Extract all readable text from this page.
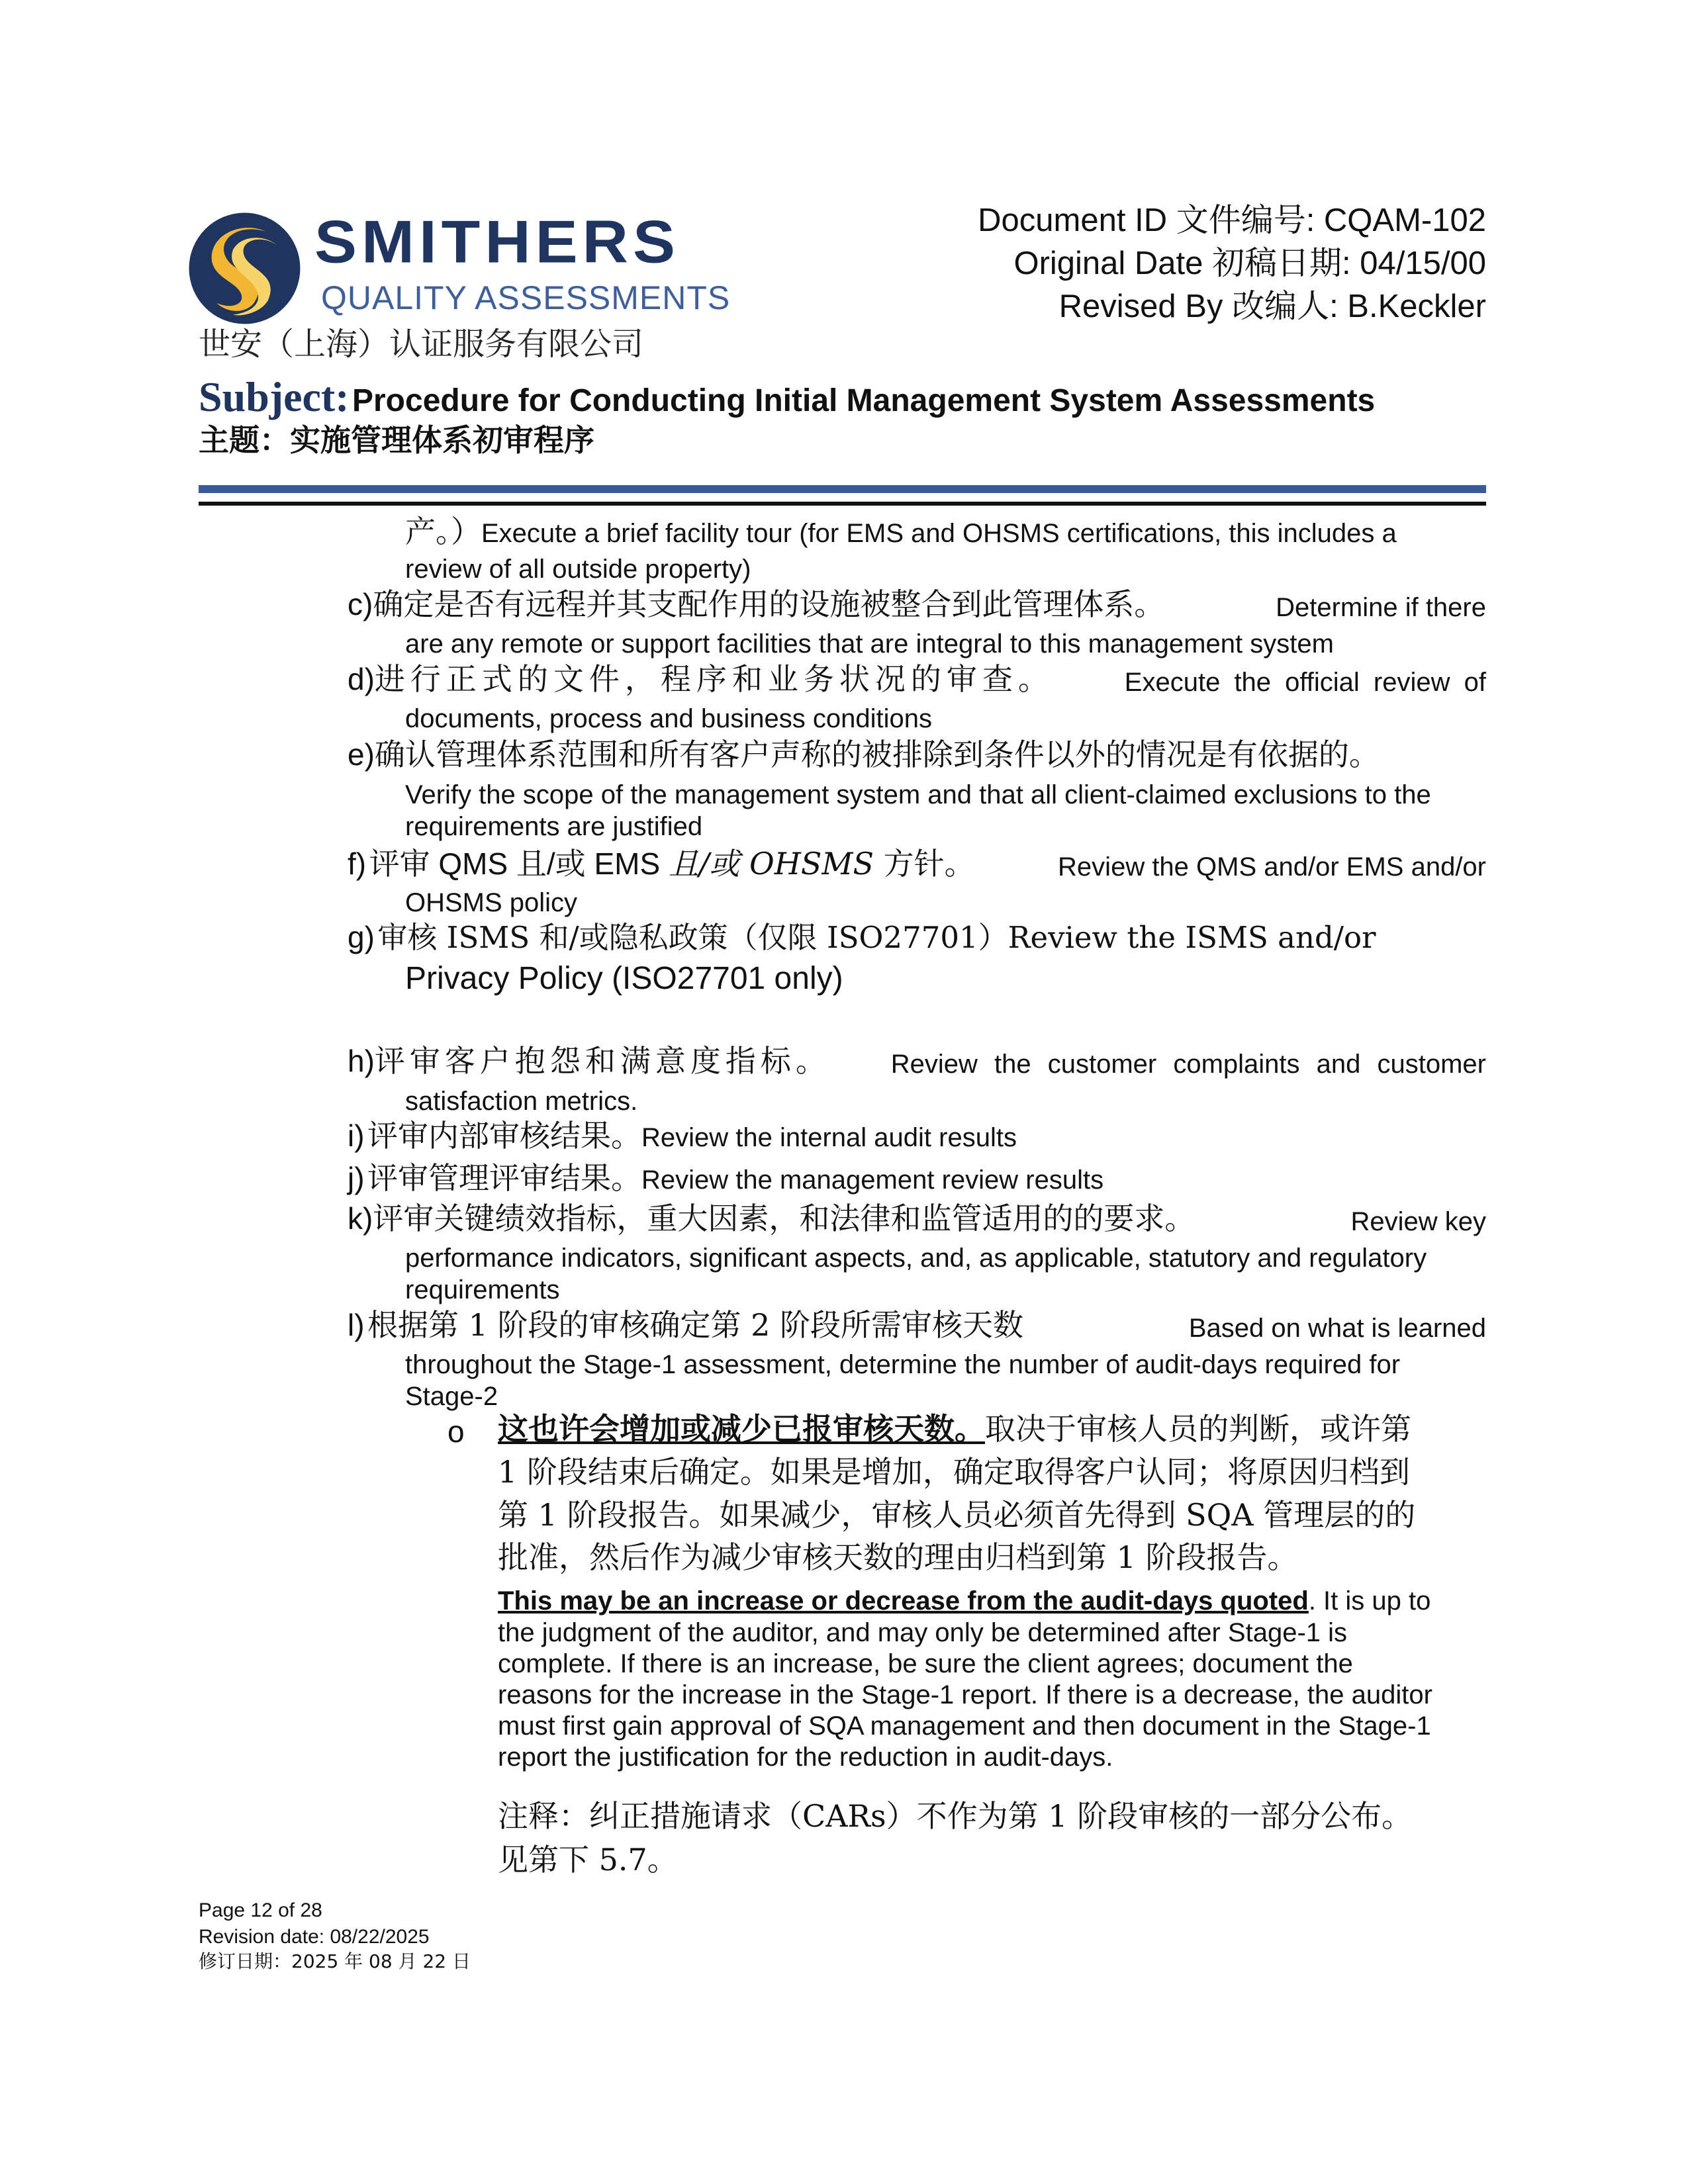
SMITHERS
QUALITY ASSESSMENTS
世安（上海）认证服务有限公司
Document ID 文件编号: CQAM-102
Original Date 初稿日期: 04/15/00
Revised By 改编人: B.Keckler
Subject: Procedure for Conducting Initial Management System Assessments
主题：实施管理体系初审程序
产。）Execute a brief facility tour (for EMS and OHSMS certifications, this includes a
review of all outside property)
c)确定是否有远程并其支配作用的设施被整合到此管理体系。	Determine if there
are any remote or support facilities that are integral to this management system
d)进行正式的文件，程序和业务状况的审查。	Execute the official review of
documents, process and business conditions
e)确认管理体系范围和所有客户声称的被排除到条件以外的情况是有依据的。
Verify the scope of the management system and that all client-claimed exclusions to the
requirements are justified
f) 评审 QMS 且/或 EMS 且/或 OHSMS 方针。	Review the QMS and/or EMS and/or
OHSMS policy
g) 审核 ISMS 和/或隐私政策（仅限 ISO27701）Review the ISMS and/or
Privacy Policy (ISO27701 only)
h)评审客户抱怨和满意度指标。 Review the customer complaints and customer
satisfaction metrics.
i) 评审内部审核结果。Review the internal audit results
j) 评审管理评审结果。Review the management review results
k)评审关键绩效指标，重大因素，和法律和监管适用的的要求。	Review key
performance indicators, significant aspects, and, as applicable, statutory and regulatory
requirements
l) 根据第 1 阶段的审核确定第 2 阶段所需审核天数	Based on what is learned
throughout the Stage-1 assessment, determine the number of audit-days required for
Stage-2
o 这也许会增加或减少已报审核天数。取决于审核人员的判断，或许第
1 阶段结束后确定。如果是增加，确定取得客户认同；将原因归档到
第 1 阶段报告。如果减少，审核人员必须首先得到 SQA 管理层的的
批准，然后作为减少审核天数的理由归档到第 1 阶段报告。
This may be an increase or decrease from the audit-days quoted. It is up to
the judgment of the auditor, and may only be determined after Stage-1 is
complete. If there is an increase, be sure the client agrees; document the
reasons for the increase in the Stage-1 report. If there is a decrease, the auditor
must first gain approval of SQA management and then document in the Stage-1
report the justification for the reduction in audit-days.
注释：纠正措施请求（CARs）不作为第 1 阶段审核的一部分公布。
见第下 5.7。
Page 12 of 28
Revision date: 08/22/2025
修订日期：2025 年 08 月 22 日
